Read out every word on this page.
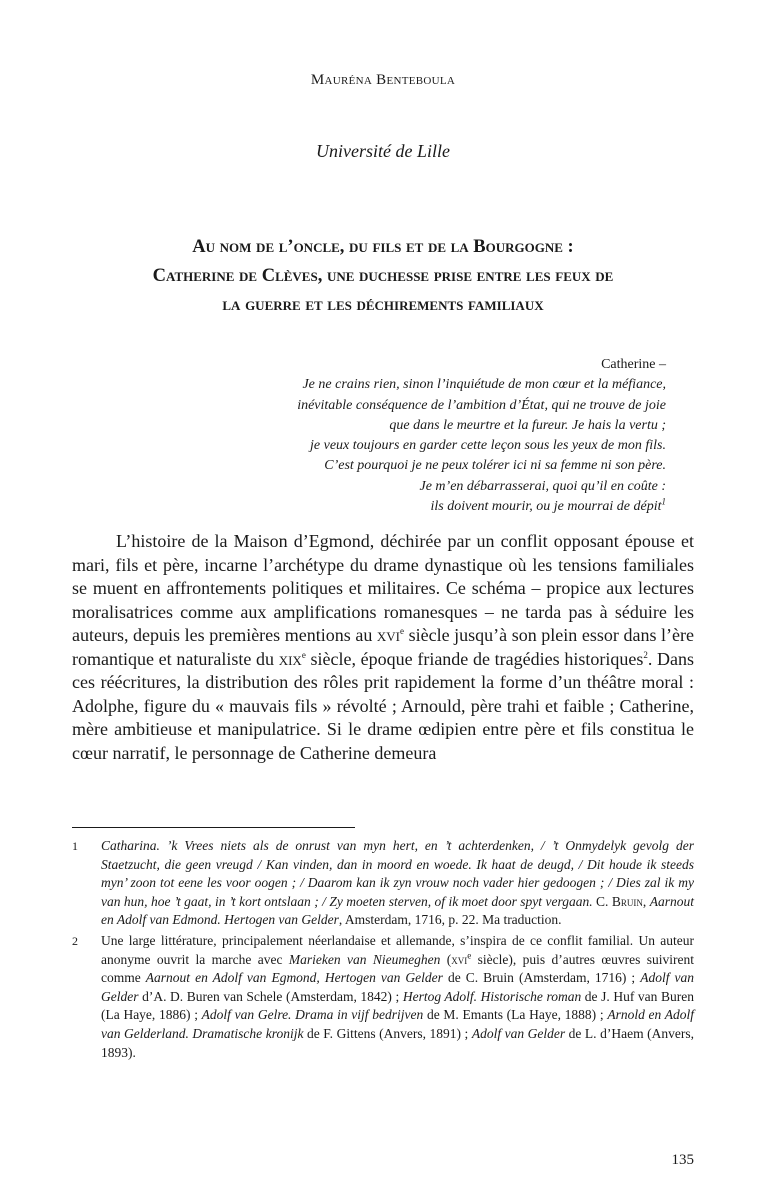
Mauréna Benteboula
Université de Lille
Au nom de l’oncle, du fils et de la Bourgogne :
Catherine de Clèves, une duchesse prise entre les feux de
la guerre et les déchirements familiaux
Catherine –
Je ne crains rien, sinon l’inquiétude de mon cœur et la méfiance,
inévitable conséquence de l’ambition d’État, qui ne trouve de joie
que dans le meurtre et la fureur. Je hais la vertu ;
je veux toujours en garder cette leçon sous les yeux de mon fils.
C’est pourquoi je ne peux tolérer ici ni sa femme ni son père.
Je m’en débarrasserai, quoi qu’il en coûte :
ils doivent mourir, ou je mourrai de dépit$^1$

L’histoire de la Maison d’Egmond, déchirée par un conflit opposant épouse et mari, fils et père, incarne l’archétype du drame dynastique où les tensions familiales se muent en affrontements politiques et militaires. Ce schéma – propice aux lectures moralisatrices comme aux amplifications romanesques – ne tarda pas à séduire les auteurs, depuis les premières mentions au xvi$^e$ siècle jusqu’à son plein essor dans l’ère romantique et naturaliste du xix$^e$ siècle, époque friande de tragédies historiques$^2$. Dans ces réécritures, la distribution des rôles prit rapidement la forme d’un théâtre moral : Adolphe, figure du « mauvais fils » révolté ; Arnould, père trahi et faible ; Catherine, mère ambitieuse et manipulatrice. Si le drame œdipien entre père et fils constitua le cœur narratif, le personnage de Catherine demeura

1 Catharina. ’k Vrees niets als de onrust van myn hert, en ’t achterdenken, / ’t Onmydelyk gevolg der Staetzucht, die geen vreugd / Kan vinden, dan in moord en woede. Ik haat de deugd, / Dit houde ik steeds myn’ zoon tot eene les voor oogen ; / Daarom kan ik zyn vrouw noch vader hier gedoogen ; / Dies zal ik my van hun, hoe ’t gaat, in ’t kort ontslaan ; / Zy moeten sterven, of ik moet door spyt vergaan. C. Bruin, Aarnout en Adolf van Edmond. Hertogen van Gelder, Amsterdam, 1716, p. 22. Ma traduction.
2 Une large littérature, principalement néerlandaise et allemande, s’inspira de ce conflit familial. Un auteur anonyme ouvrit la marche avec Marieken van Nieumeghen (xvi$^e$ siècle), puis d’autres œuvres suivirent comme Aarnout en Adolf van Egmond, Hertogen van Gelder de C. Bruin (Amsterdam, 1716) ; Adolf van Gelder d’A. D. Buren van Schele (Amsterdam, 1842) ; Hertog Adolf. Historische roman de J. Huf van Buren (La Haye, 1886) ; Adolf van Gelre. Drama in vijf bedrijven de M. Emants (La Haye, 1888) ; Arnold en Adolf van Gelderland. Dramatische kronijk de F. Gittens (Anvers, 1891) ; Adolf van Gelder de L. d’Haem (Anvers, 1893).
135
